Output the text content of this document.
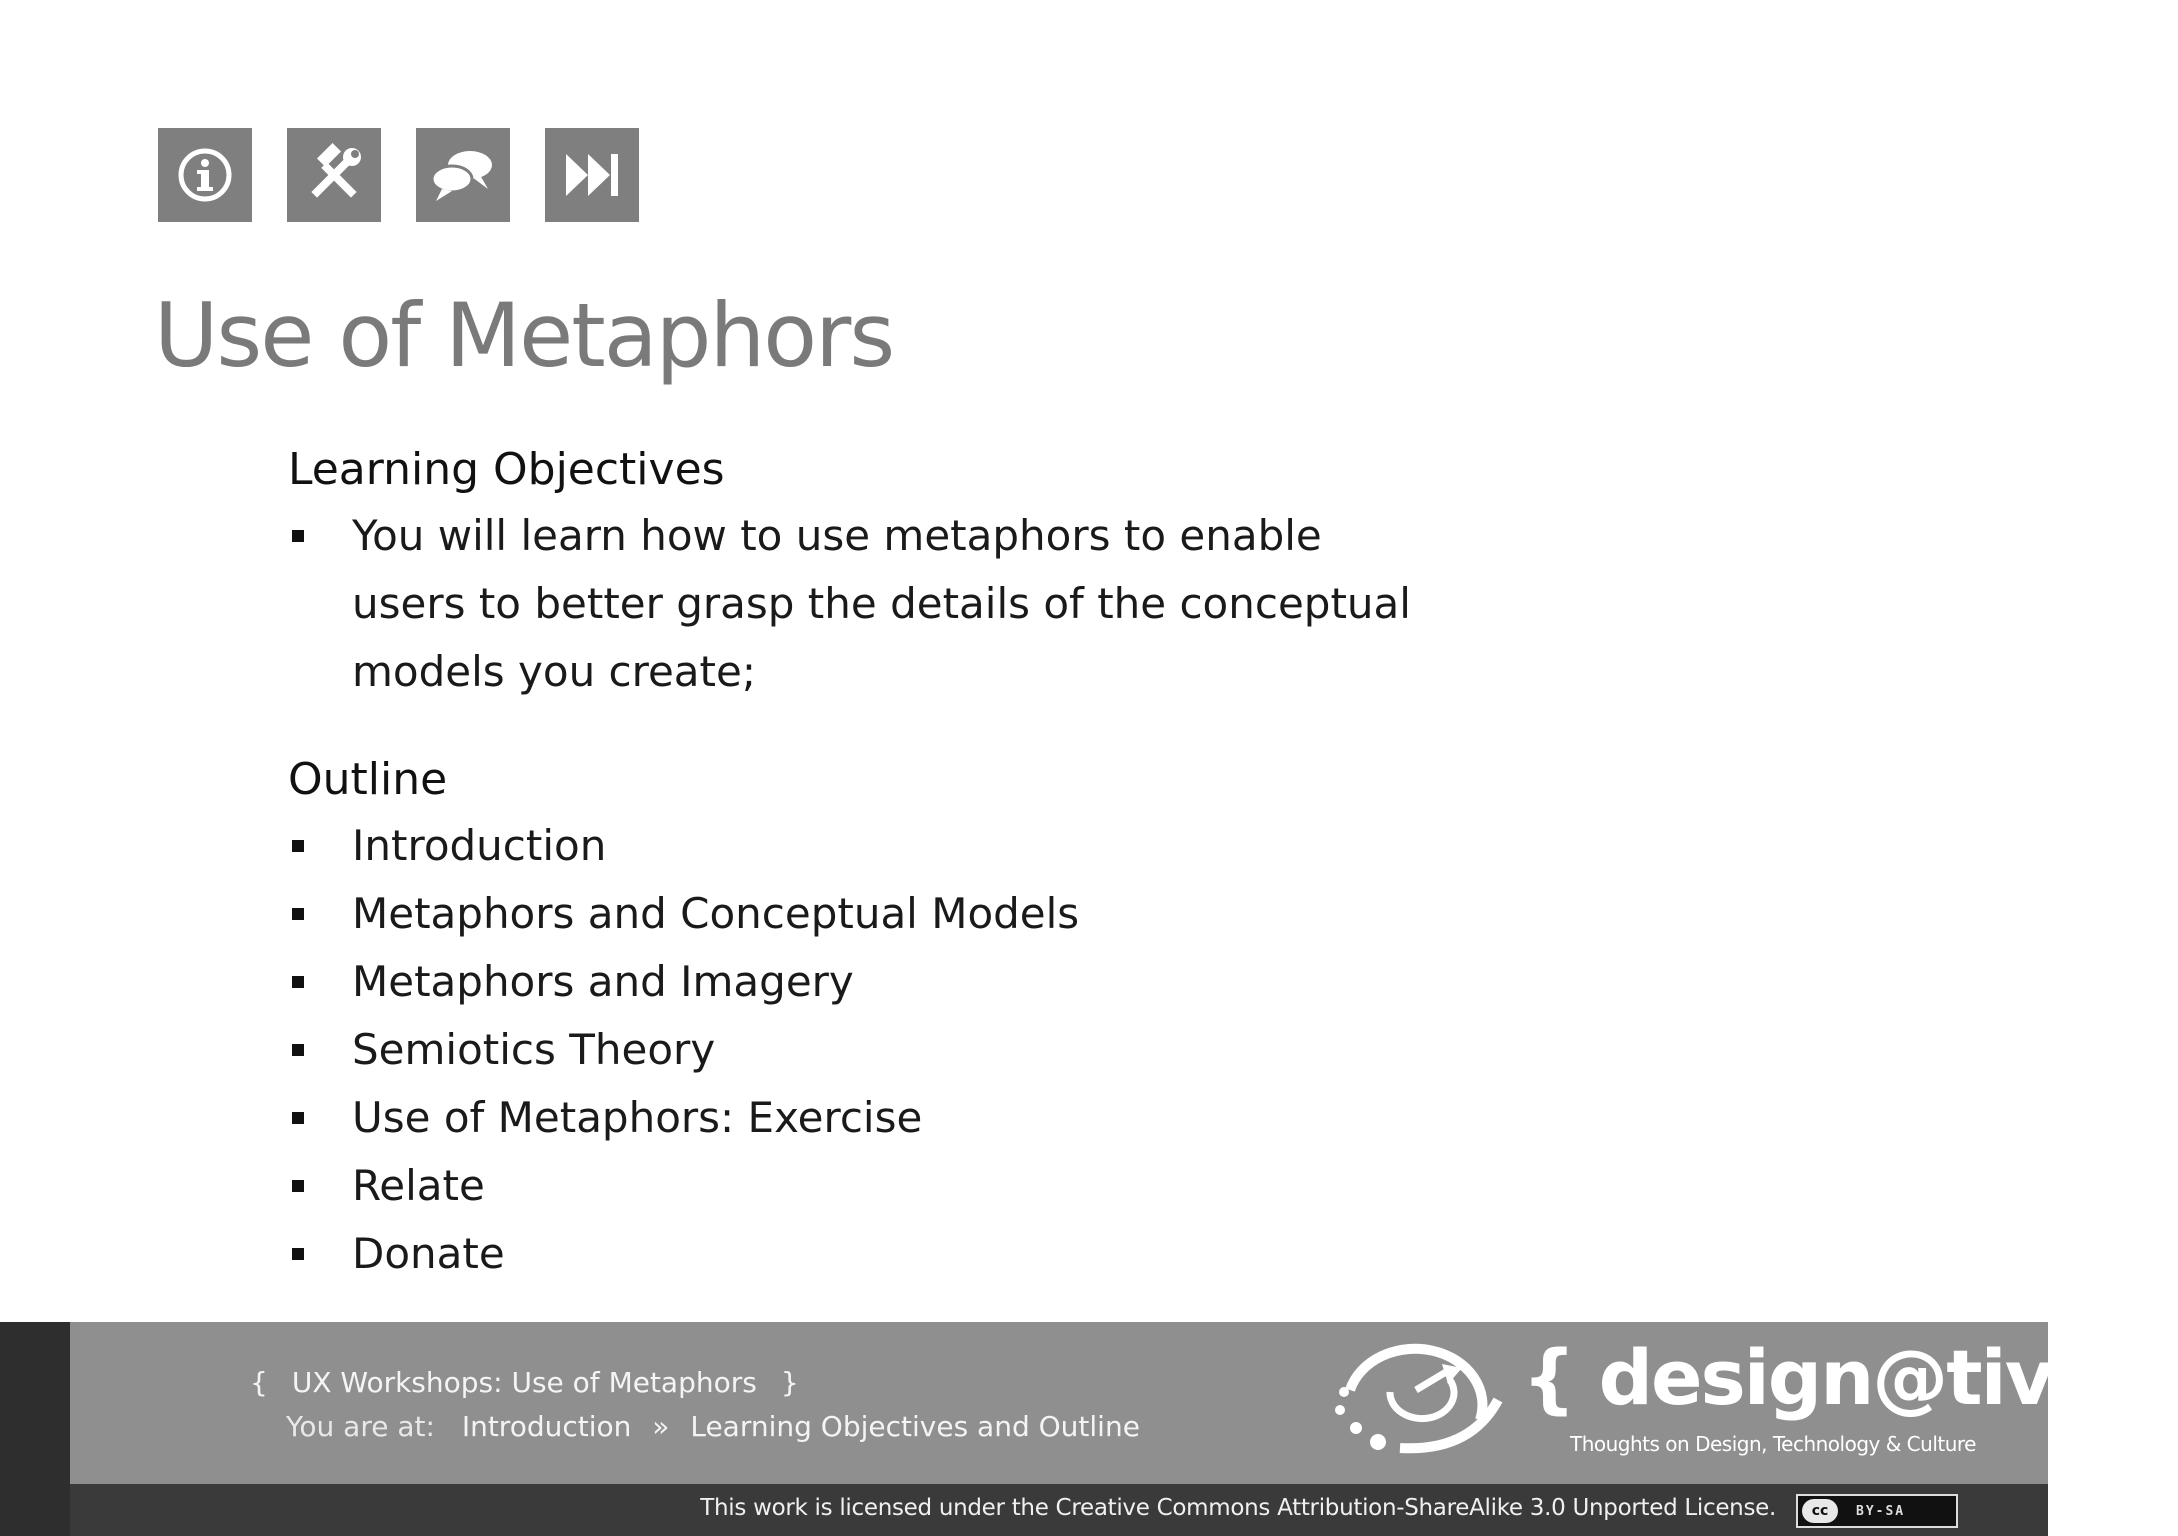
Use of Metaphors
Learning Objectives
You will learn how to use metaphors to enable users to better grasp the details of the conceptual models you create;
Outline
Introduction
Metaphors and Conceptual Models
Metaphors and Imagery
Semiotics Theory
Use of Metaphors: Exercise
Relate
Donate
{ UX Workshops: Use of Metaphors }
You are at: Introduction » Learning Objectives and Outline
{ design@tive }
Thoughts on Design, Technology & Culture
This work is licensed under the Creative Commons Attribution-ShareAlike 3.0 Unported License.	cc	BY-SA
